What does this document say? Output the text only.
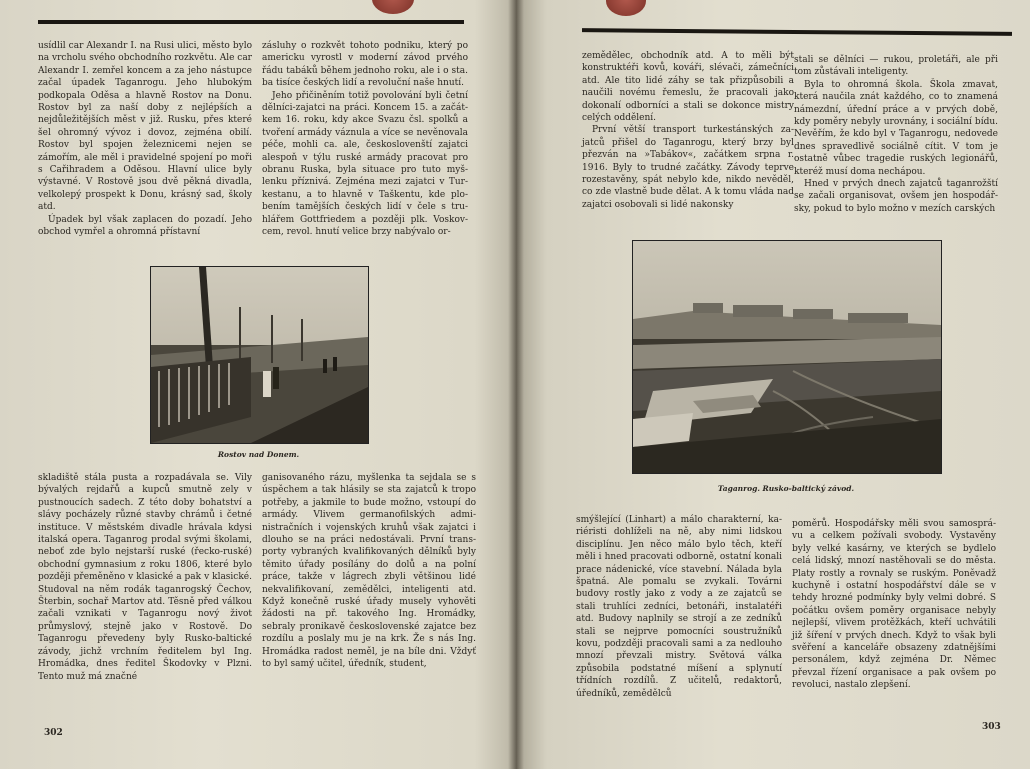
usídlil car Alexandr I. na Rusi ulici, město bylo na vrcholu svého obchodního rozkvětu. Ale car Alexandr I. zemřel koncem a za jeho nástupce začal úpadek Taganrogu. Jeho hlubokým podkopala Oděsa a hlavně Rostov na Donu. Rostov byl za naší doby z nejlépších a nejdůležitějších měst v již. Rusku, přes které šel ohromný vývoz i dovoz, zejména obilí. Rostov byl spojen železnicemi nejen se zámořím, ale měl i pravidelné spojení po moři s Cařihradem a Oděsou. Hlavní ulice byly výstavné. V Rostově jsou dvě pěkná divadla, velkolepý prospekt k Donu, krásný sad, školy atd.

Úpadek byl však zaplacen do pozadí. Jeho obchod vymřel a ohromná přístavní

zásluhy o rozkvět tohoto podniku, který po americku vyrostl v moderní závod prvého řádu tabáků během jednoho roku, ale i o sta. ba tisíce českých lidí a revoluční naše hnutí.

Jeho přičiněním totiž povolování byli četní dělníci-zajatci na práci. Koncem 15. a začátkem 16. roku, kdy akce Svazu čsl. spolků a tvoření armády váznula a více se nevěnovala péče, mohli ca. ale, českoslovenští zajatci alespoň v týlu ruské armády pracovat pro obranu Ruska, byla situace pro tuto myšlenku příznivá. Zejména mezi zajatci v Turkestanu, a to hlavně v Taškentu, kde plobením tamějších českých lidí v čele s truhlářem Gottfriedem a později plk. Voskovcem, revol. hnutí velice brzy nabývalo or-

Rostov nad Donem.

skladiště stála pusta a rozpadávala se. Vily bývalých rejdařů a kupců smutně zely v pustnoucích sadech. Z této doby bohatství a slávy pocházely různé stavby chrámů i četné instituce. V městském divadle hrávala kdysi italská opera. Taganrog prodal svými školami, neboť zde bylo nejstarší ruské (řecko-ruské) obchodní gymnasium z roku 1806, které bylo později přeměněno v klasické a pak v klasické. Studoval na něm rodák taganrogský Čechov, Šterbin, sochař Martov atd. Těsně před válkou začali vznikati v Taganrogu nový život průmyslový, stejně jako v Rostově. Do Taganrogu převedeny byly Rusko-baltické závody, jichž vrchním ředitelem byl Ing. Hromádka, dnes ředitel Škodovky v Plzni. Tento muž má značné

ganisovaného rázu, myšlenka ta sejdala se s úspěchem a tak hlásily se sta zajatců k tropo potřeby, a jakmile to bude možno, vstoupí do armády. Vlivem germanofilských administračních i vojenských kruhů však zajatci i dlouho se na práci nedostávali. První transporty vybraných kvalifikovaných dělníků byly těmito úřady posílány do dolů a na polní práce, takže v lágrech zbyli většinou lidé nekvalifikovaní, zemědělci, inteligenti atd. Když konečně ruské úřady musely vyhověti žádosti na př. takového Ing. Hromádky, sebraly pronikavě československé zajatce bez rozdílu a poslaly mu je na krk. Že s nás Ing. Hromádka radost neměl, je na bíle dni. Vždyť to byl samý učitel, úředník, student,

302

zemědělec, obchodník atd. A to měli být konstruktéři kovů, kováři, slévači, zámečníci atd. Ale tito lidé záhy se tak přizpůsobili a naučili novému řemeslu, že pracovali jako dokonalí odborníci a stali se dokonce mistry celých oddělení.

První větší transport turkestánských zajatců přišel do Taganrogu, který brzy byl přezván na »Tabákov«, začátkem srpna r. 1916. Byly to trudné začátky. Závody teprve rozestavěny, spát nebylo kde, nikdo nevěděl, co zde vlastně bude dělat. A k tomu vláda nad zajatci osobovali si lidé nakonsky

stali se dělníci — rukou, proletáři, ale při tom zůstávali inteligenty.

Byla to ohromná škola. Škola zmavat, která naučila znát každého, co to znamená námezdní, úřední práce a v prvých době, kdy poměry nebyly urovnány, i sociální bídu. Nevěřím, že kdo byl v Taganrogu, nedovede dnes spravedlivě sociálně cítit. V tom je ostatně vůbec tragedie ruských legionářů, kteréž musí doma nechápou.

Hned v prvých dnech zajatců taganrožští se začali organisovat, ovšem jen hospodářsky, pokud to bylo možno v mezích carských

Taganrog. Rusko-baltický závod.

smýšlející (Linhart) a málo charakterní, kariéristi dohlíželi na ně, aby nimi lidskou disciplínu. Jen něco málo bylo těch, kteří měli i hned pracovati odborně, ostatní konali prace nádenické, více stavební. Nálada byla špatná. Ale pomalu se zvykali. Továrni budovy rostly jako z vody a ze zajatců se stali truhlíci zedníci, betonáři, instalatéři atd. Budovy naplnily se strojí a ze zedníků stali se nejprve pomocníci soustružníků kovu, podzději pracovali sami a za nedlouho mnozí převzali mistry. Světová válka způsobila podstatné míšení a splynutí třídních rozdílů. Z učitelů, redaktorů, úředníků, zemědělců

poměrů. Hospodářsky měli svou samosprávu a celkem požívali svobody. Vystavěny byly velké kasárny, ve kterých se bydlelo celá lidský, mnozí nastěhovali se do města. Platy rostly a rovnaly se ruským. Poněvadž kuchyně i ostatní hospodářství dále se v tehdy hrozné podmínky byly velmi dobré. S počátku ovšem poměry organisace nebyly nejlepší, vlivem protěžkách, kteří uchvátili již šíření v prvých dnech. Když to však byli svěření a kanceláře obsazeny zdatnějšími personálem, když zejména Dr. Němec převzal řízení organisace a pak ovšem po revoluci, nastalo zlepšení.

303
